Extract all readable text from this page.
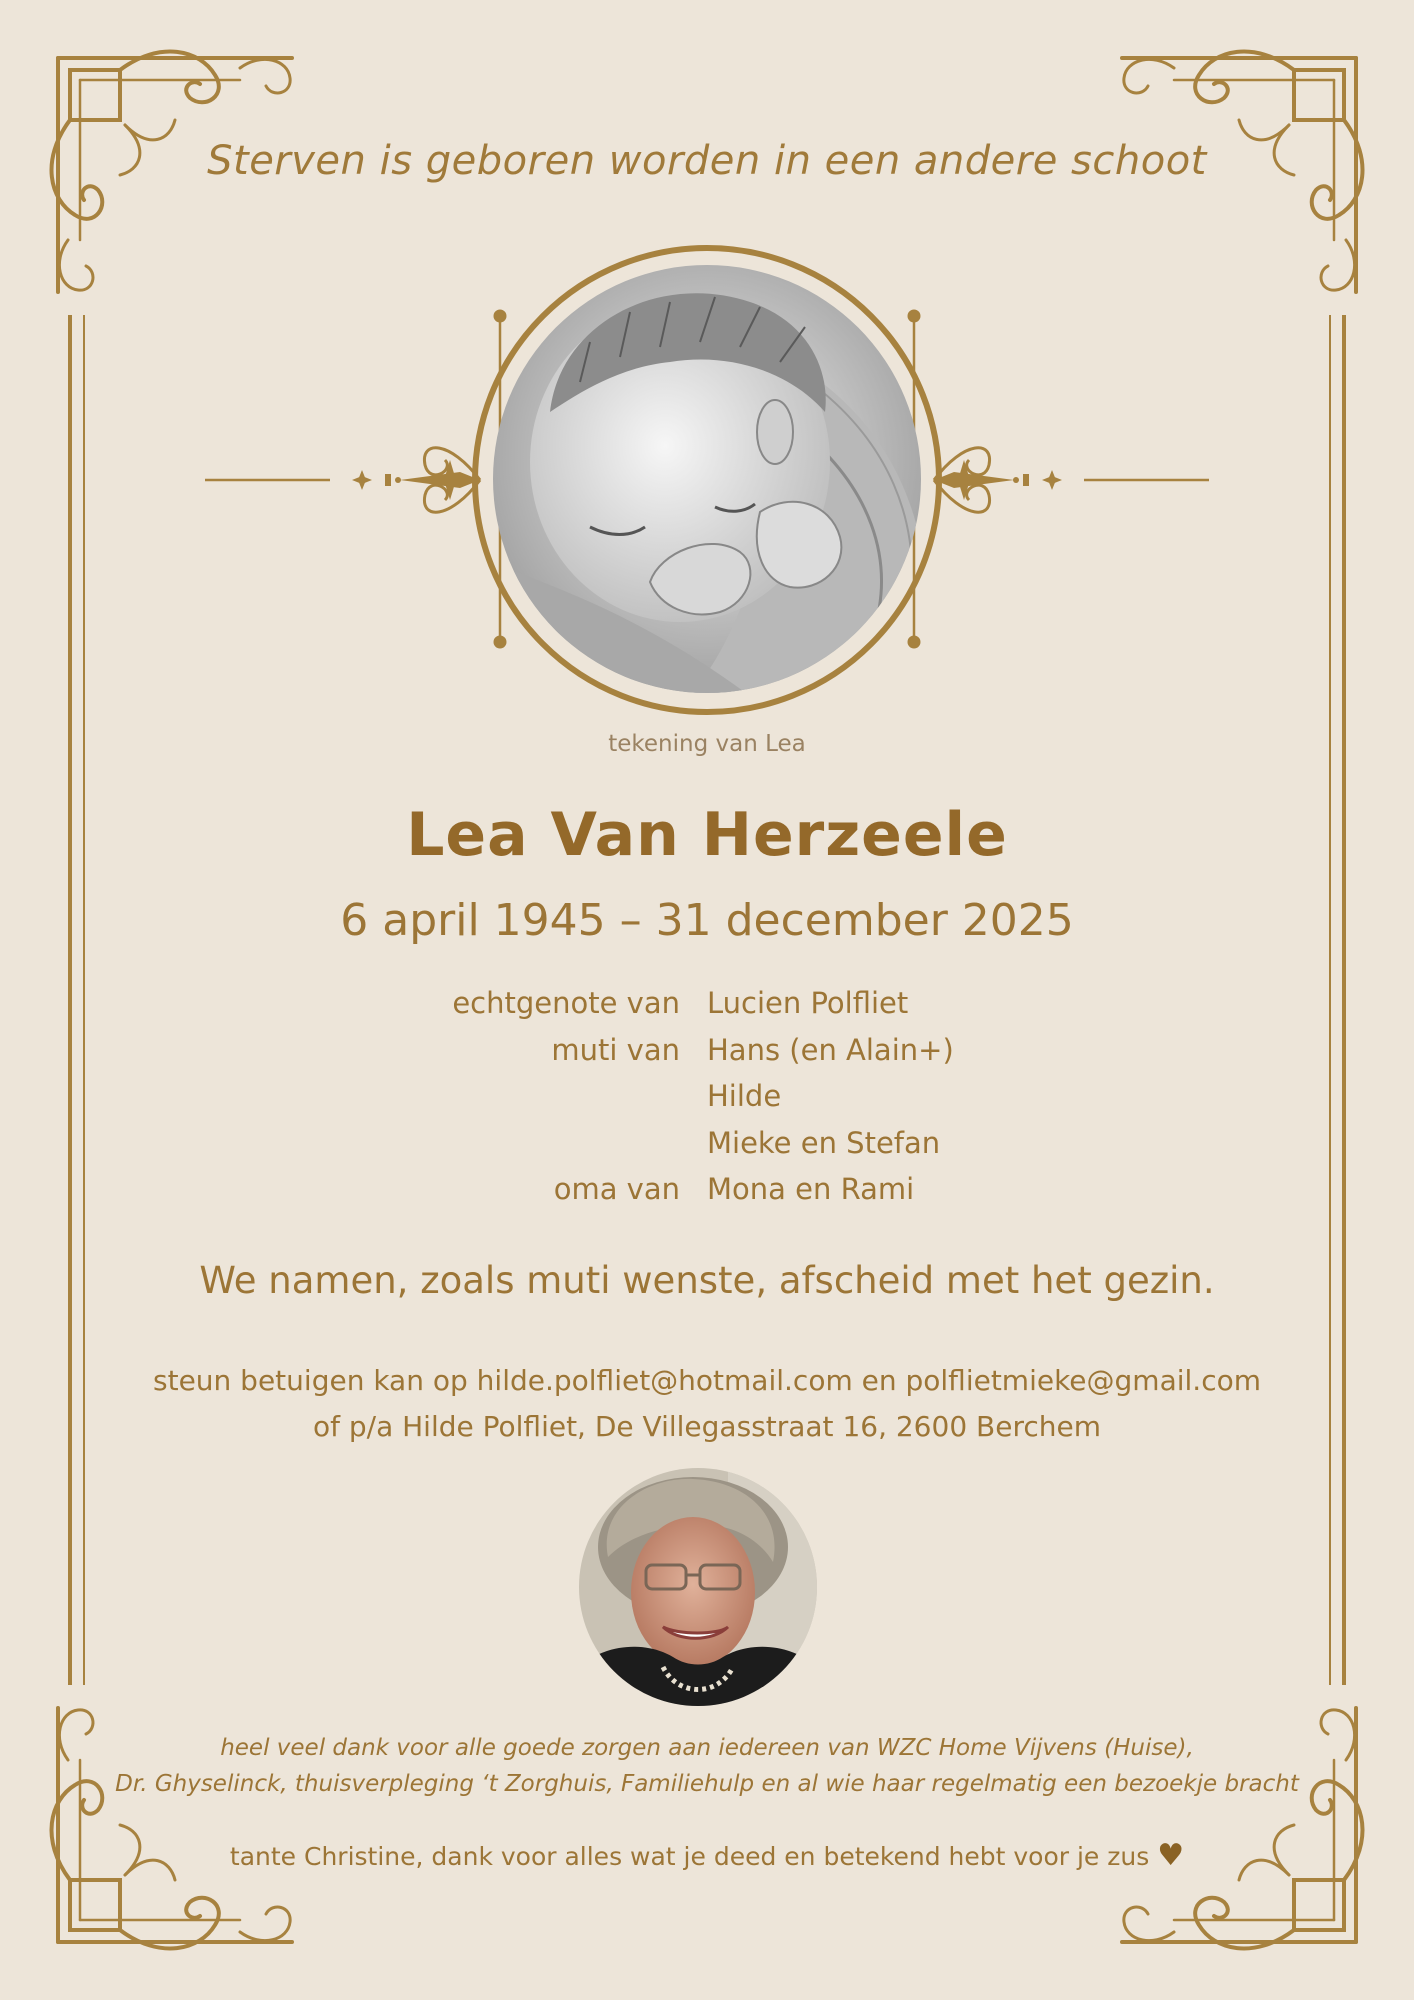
Sterven is geboren worden in een andere schoot
tekening van Lea
Lea Van Herzeele
6 april 1945 – 31 december 2025
echtgenote van Lucien Polfliet
muti van Hans (en Alain+)
Hilde
Mieke en Stefan
oma van Mona en Rami
We namen, zoals muti wenste, afscheid met het gezin.
steun betuigen kan op hilde.polfliet@hotmail.com en polflietmieke@gmail.com
of p/a Hilde Polfliet, De Villegasstraat 16, 2600 Berchem
heel veel dank voor alle goede zorgen aan iedereen van WZC Home Vijvens (Huise),
Dr. Ghyselinck, thuisverpleging ‘t Zorghuis, Familiehulp en al wie haar regelmatig een bezoekje bracht
tante Christine, dank voor alles wat je deed en betekend hebt voor je zus ♥
